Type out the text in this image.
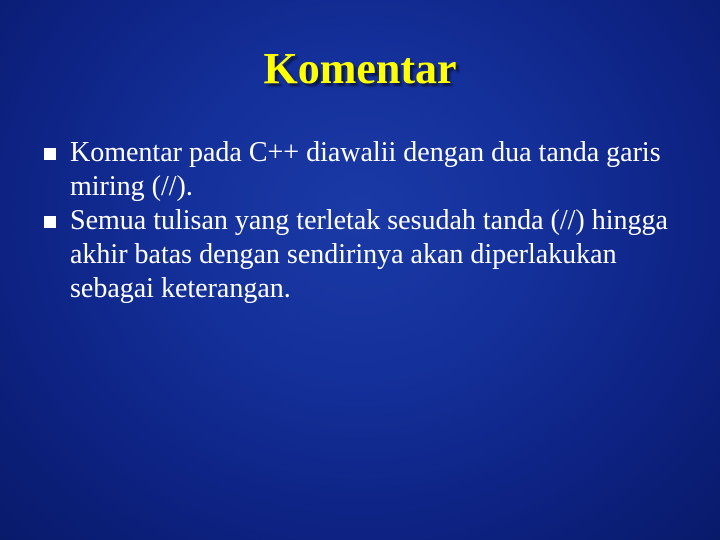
Komentar
Komentar pada C++ diawalii dengan dua tanda garis miring (//).
Semua tulisan yang terletak sesudah tanda (//) hingga akhir batas dengan sendirinya akan diperlakukan sebagai keterangan.
